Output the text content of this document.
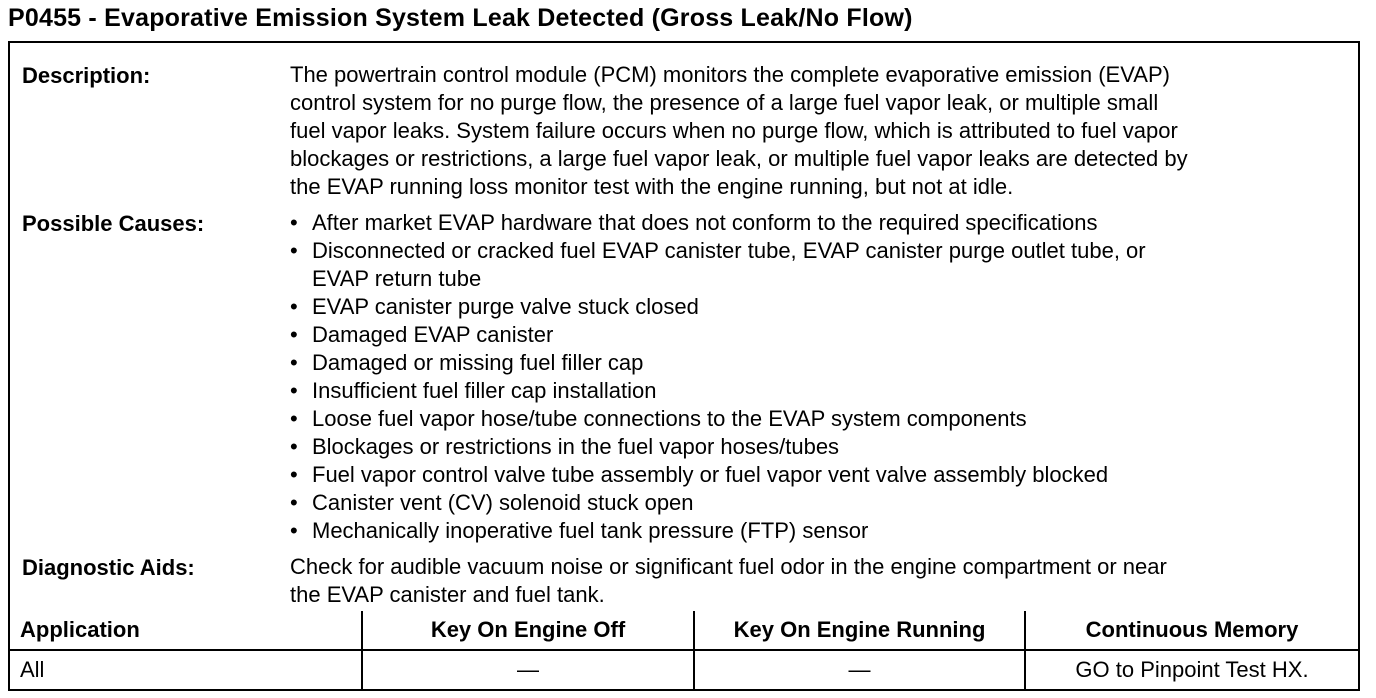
P0455 - Evaporative Emission System Leak Detected (Gross Leak/No Flow)
Description:	The powertrain control module (PCM) monitors the complete evaporative emission (EVAP)
control system for no purge flow, the presence of a large fuel vapor leak, or multiple small
fuel vapor leaks. System failure occurs when no purge flow, which is attributed to fuel vapor
blockages or restrictions, a large fuel vapor leak, or multiple fuel vapor leaks are detected by
the EVAP running loss monitor test with the engine running, but not at idle.
Possible Causes:	• After market EVAP hardware that does not conform to the required specifications
• Disconnected or cracked fuel EVAP canister tube, EVAP canister purge outlet tube, or
EVAP return tube
• EVAP canister purge valve stuck closed
• Damaged EVAP canister
• Damaged or missing fuel filler cap
• Insufficient fuel filler cap installation
• Loose fuel vapor hose/tube connections to the EVAP system components
• Blockages or restrictions in the fuel vapor hoses/tubes
• Fuel vapor control valve tube assembly or fuel vapor vent valve assembly blocked
• Canister vent (CV) solenoid stuck open
• Mechanically inoperative fuel tank pressure (FTP) sensor
Diagnostic Aids:	Check for audible vacuum noise or significant fuel odor in the engine compartment or near
the EVAP canister and fuel tank.
Application	Key On Engine Off	Key On Engine Running	Continuous Memory
All	—	—	GO to Pinpoint Test HX.
